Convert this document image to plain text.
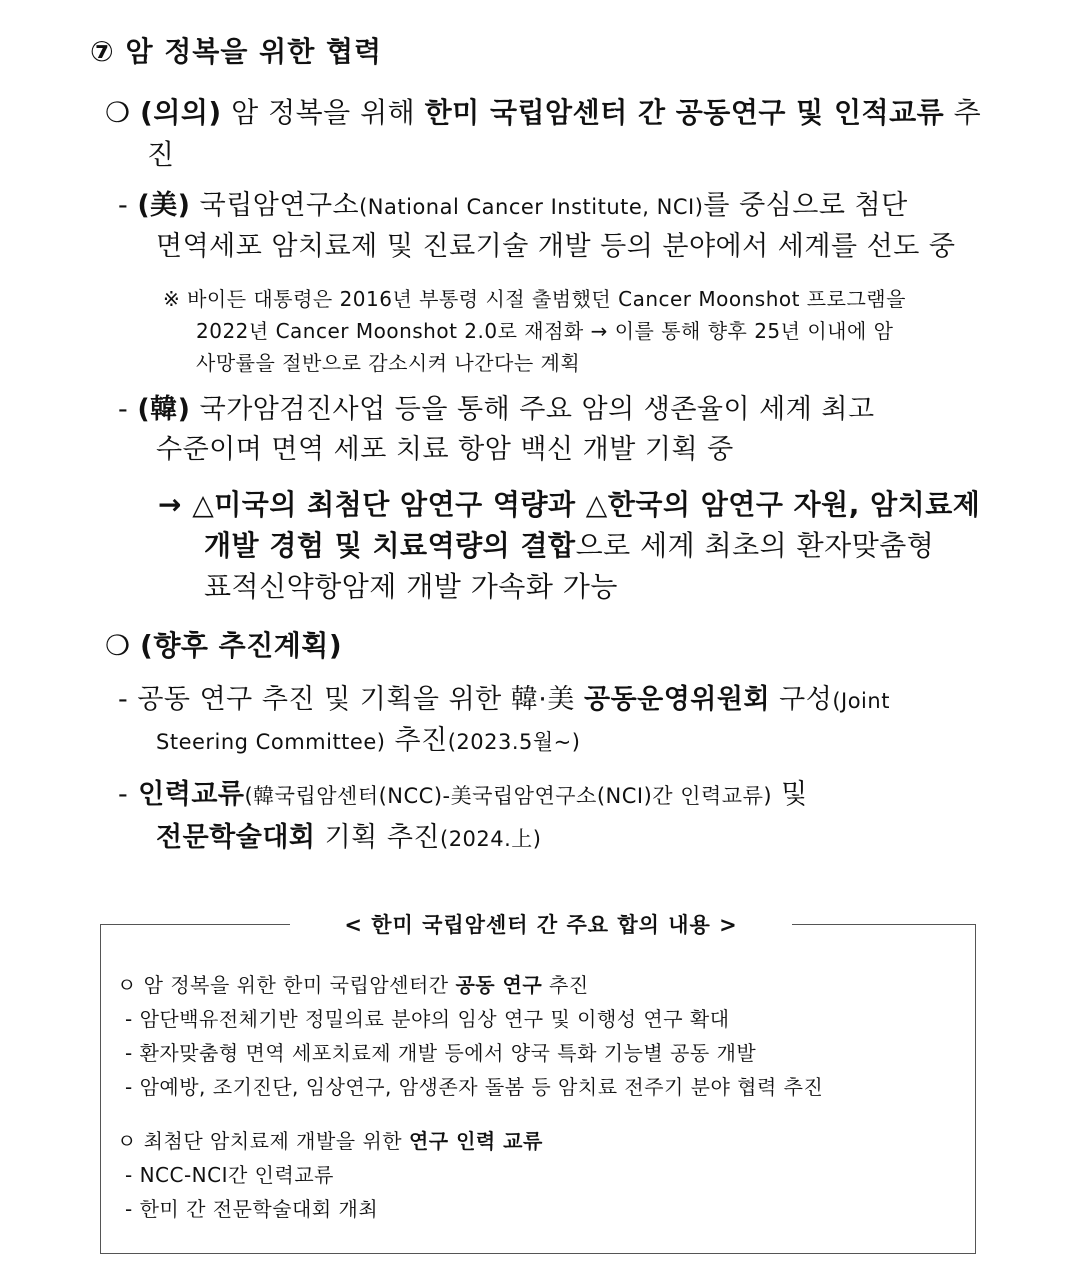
⑦ 암 정복을 위한 협력
❍ (의의) 암 정복을 위해 한미 국립암센터 간 공동연구 및 인적교류 추
진
- (美) 국립암연구소(National Cancer Institute, NCI)를 중심으로 첨단
면역세포 암치료제 및 진료기술 개발 등의 분야에서 세계를 선도 중
※ 바이든 대통령은 2016년 부통령 시절 출범했던 Cancer Moonshot 프로그램을
2022년 Cancer Moonshot 2.0로 재점화 → 이를 통해 향후 25년 이내에 암
사망률을 절반으로 감소시켜 나간다는 계획
- (韓) 국가암검진사업 등을 통해 주요 암의 생존율이 세계 최고
수준이며 면역 세포 치료 항암 백신 개발 기획 중
→ △미국의 최첨단 암연구 역량과 △한국의 암연구 자원, 암치료제
개발 경험 및 치료역량의 결합으로 세계 최초의 환자맞춤형
표적신약항암제 개발 가속화 가능
❍ (향후 추진계획)
- 공동 연구 추진 및 기획을 위한 韓·美 공동운영위원회 구성(Joint
Steering Committee) 추진(2023.5월~)
- 인력교류(韓국립암센터(NCC)-美국립암연구소(NCI)간 인력교류) 및
전문학술대회 기획 추진(2024.上)
< 한미 국립암센터 간 주요 합의 내용 >
ㅇ 암 정복을 위한 한미 국립암센터간 공동 연구 추진
- 암단백유전체기반 정밀의료 분야의 임상 연구 및 이행성 연구 확대
- 환자맞춤형 면역 세포치료제 개발 등에서 양국 특화 기능별 공동 개발
- 암예방, 조기진단, 임상연구, 암생존자 돌봄 등 암치료 전주기 분야 협력 추진
ㅇ 최첨단 암치료제 개발을 위한 연구 인력 교류
- NCC-NCI간 인력교류
- 한미 간 전문학술대회 개최
